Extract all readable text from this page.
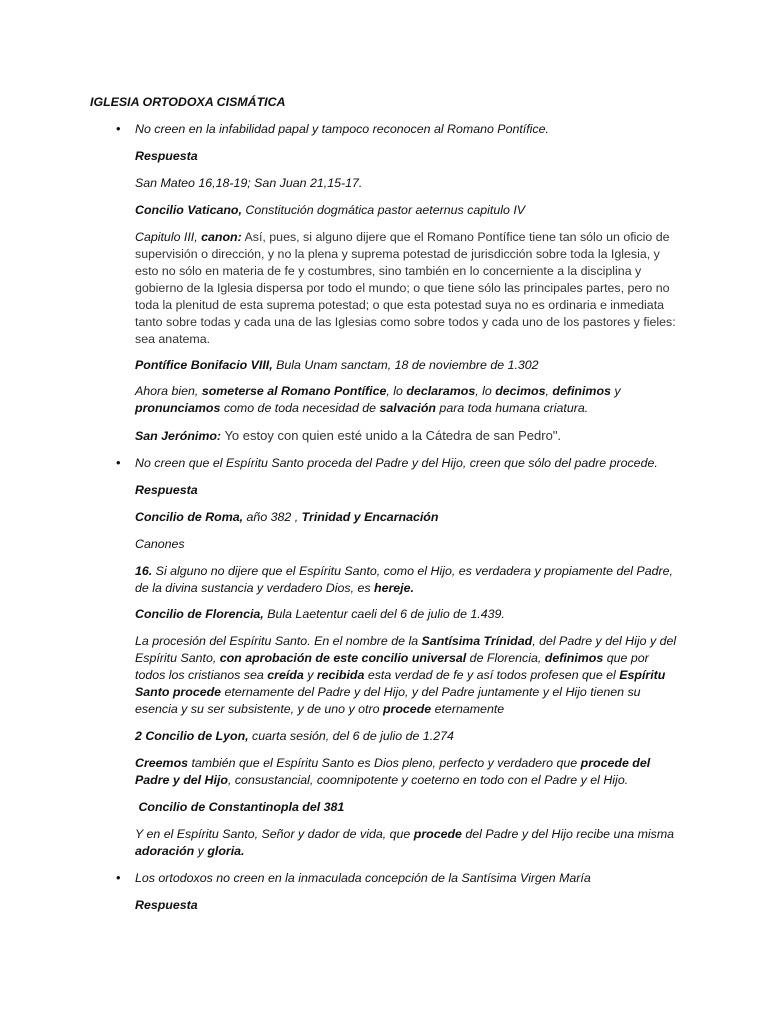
IGLESIA ORTODOXA CISMÁTICA

• No creen en la infabilidad papal y tampoco reconocen al Romano Pontífice.

Respuesta

San Mateo 16,18-19; San Juan 21,15-17.

Concilio Vaticano, Constitución dogmática pastor aeternus capitulo IV

Capitulo III, canon: Así, pues, si alguno dijere que el Romano Pontífice tiene tan sólo un oficio de supervisión o dirección, y no la plena y suprema potestad de jurisdicción sobre toda la Iglesia, y esto no sólo en materia de fe y costumbres, sino también en lo concerniente a la disciplina y gobierno de la Iglesia dispersa por todo el mundo; o que tiene sólo las principales partes, pero no toda la plenitud de esta suprema potestad; o que esta potestad suya no es ordinaria e inmediata tanto sobre todas y cada una de las Iglesias como sobre todos y cada uno de los pastores y fieles: sea anatema.

Pontífice Bonifacio VIII, Bula Unam sanctam, 18 de noviembre de 1.302

Ahora bien, someterse al Romano Pontífice, lo declaramos, lo decimos, definimos y pronunciamos como de toda necesidad de salvación para toda humana criatura.

San Jerónimo: Yo estoy con quien esté unido a la Cátedra de san Pedro".

• No creen que el Espíritu Santo proceda del Padre y del Hijo, creen que sólo del padre procede.

Respuesta

Concilio de Roma, año 382 , Trinidad y Encarnación

Canones

16. Si alguno no dijere que el Espíritu Santo, como el Hijo, es verdadera y propiamente del Padre, de la divina sustancia y verdadero Dios, es hereje.

Concilio de Florencia, Bula Laetentur caeli del 6 de julio de 1.439.

La procesión del Espíritu Santo. En el nombre de la Santísima Trínidad, del Padre y del Hijo y del Espíritu Santo, con aprobación de este concilio universal de Florencia, definimos que por todos los cristianos sea creída y recibida esta verdad de fe y así todos profesen que el Espíritu Santo procede eternamente del Padre y del Hijo, y del Padre juntamente y el Hijo tienen su esencia y su ser subsistente, y de uno y otro procede eternamente

2 Concilio de Lyon, cuarta sesión, del 6 de julio de 1.274

Creemos también que el Espíritu Santo es Dios pleno, perfecto y verdadero que procede del Padre y del Hijo, consustancial, coomnipotente y coeterno en todo con el Padre y el Hijo.

Concilio de Constantinopla del 381

Y en el Espíritu Santo, Señor y dador de vida, que procede del Padre y del Hijo recibe una misma adoración y gloria.

• Los ortodoxos no creen en la inmaculada concepción de la Santísima Virgen María

Respuesta
